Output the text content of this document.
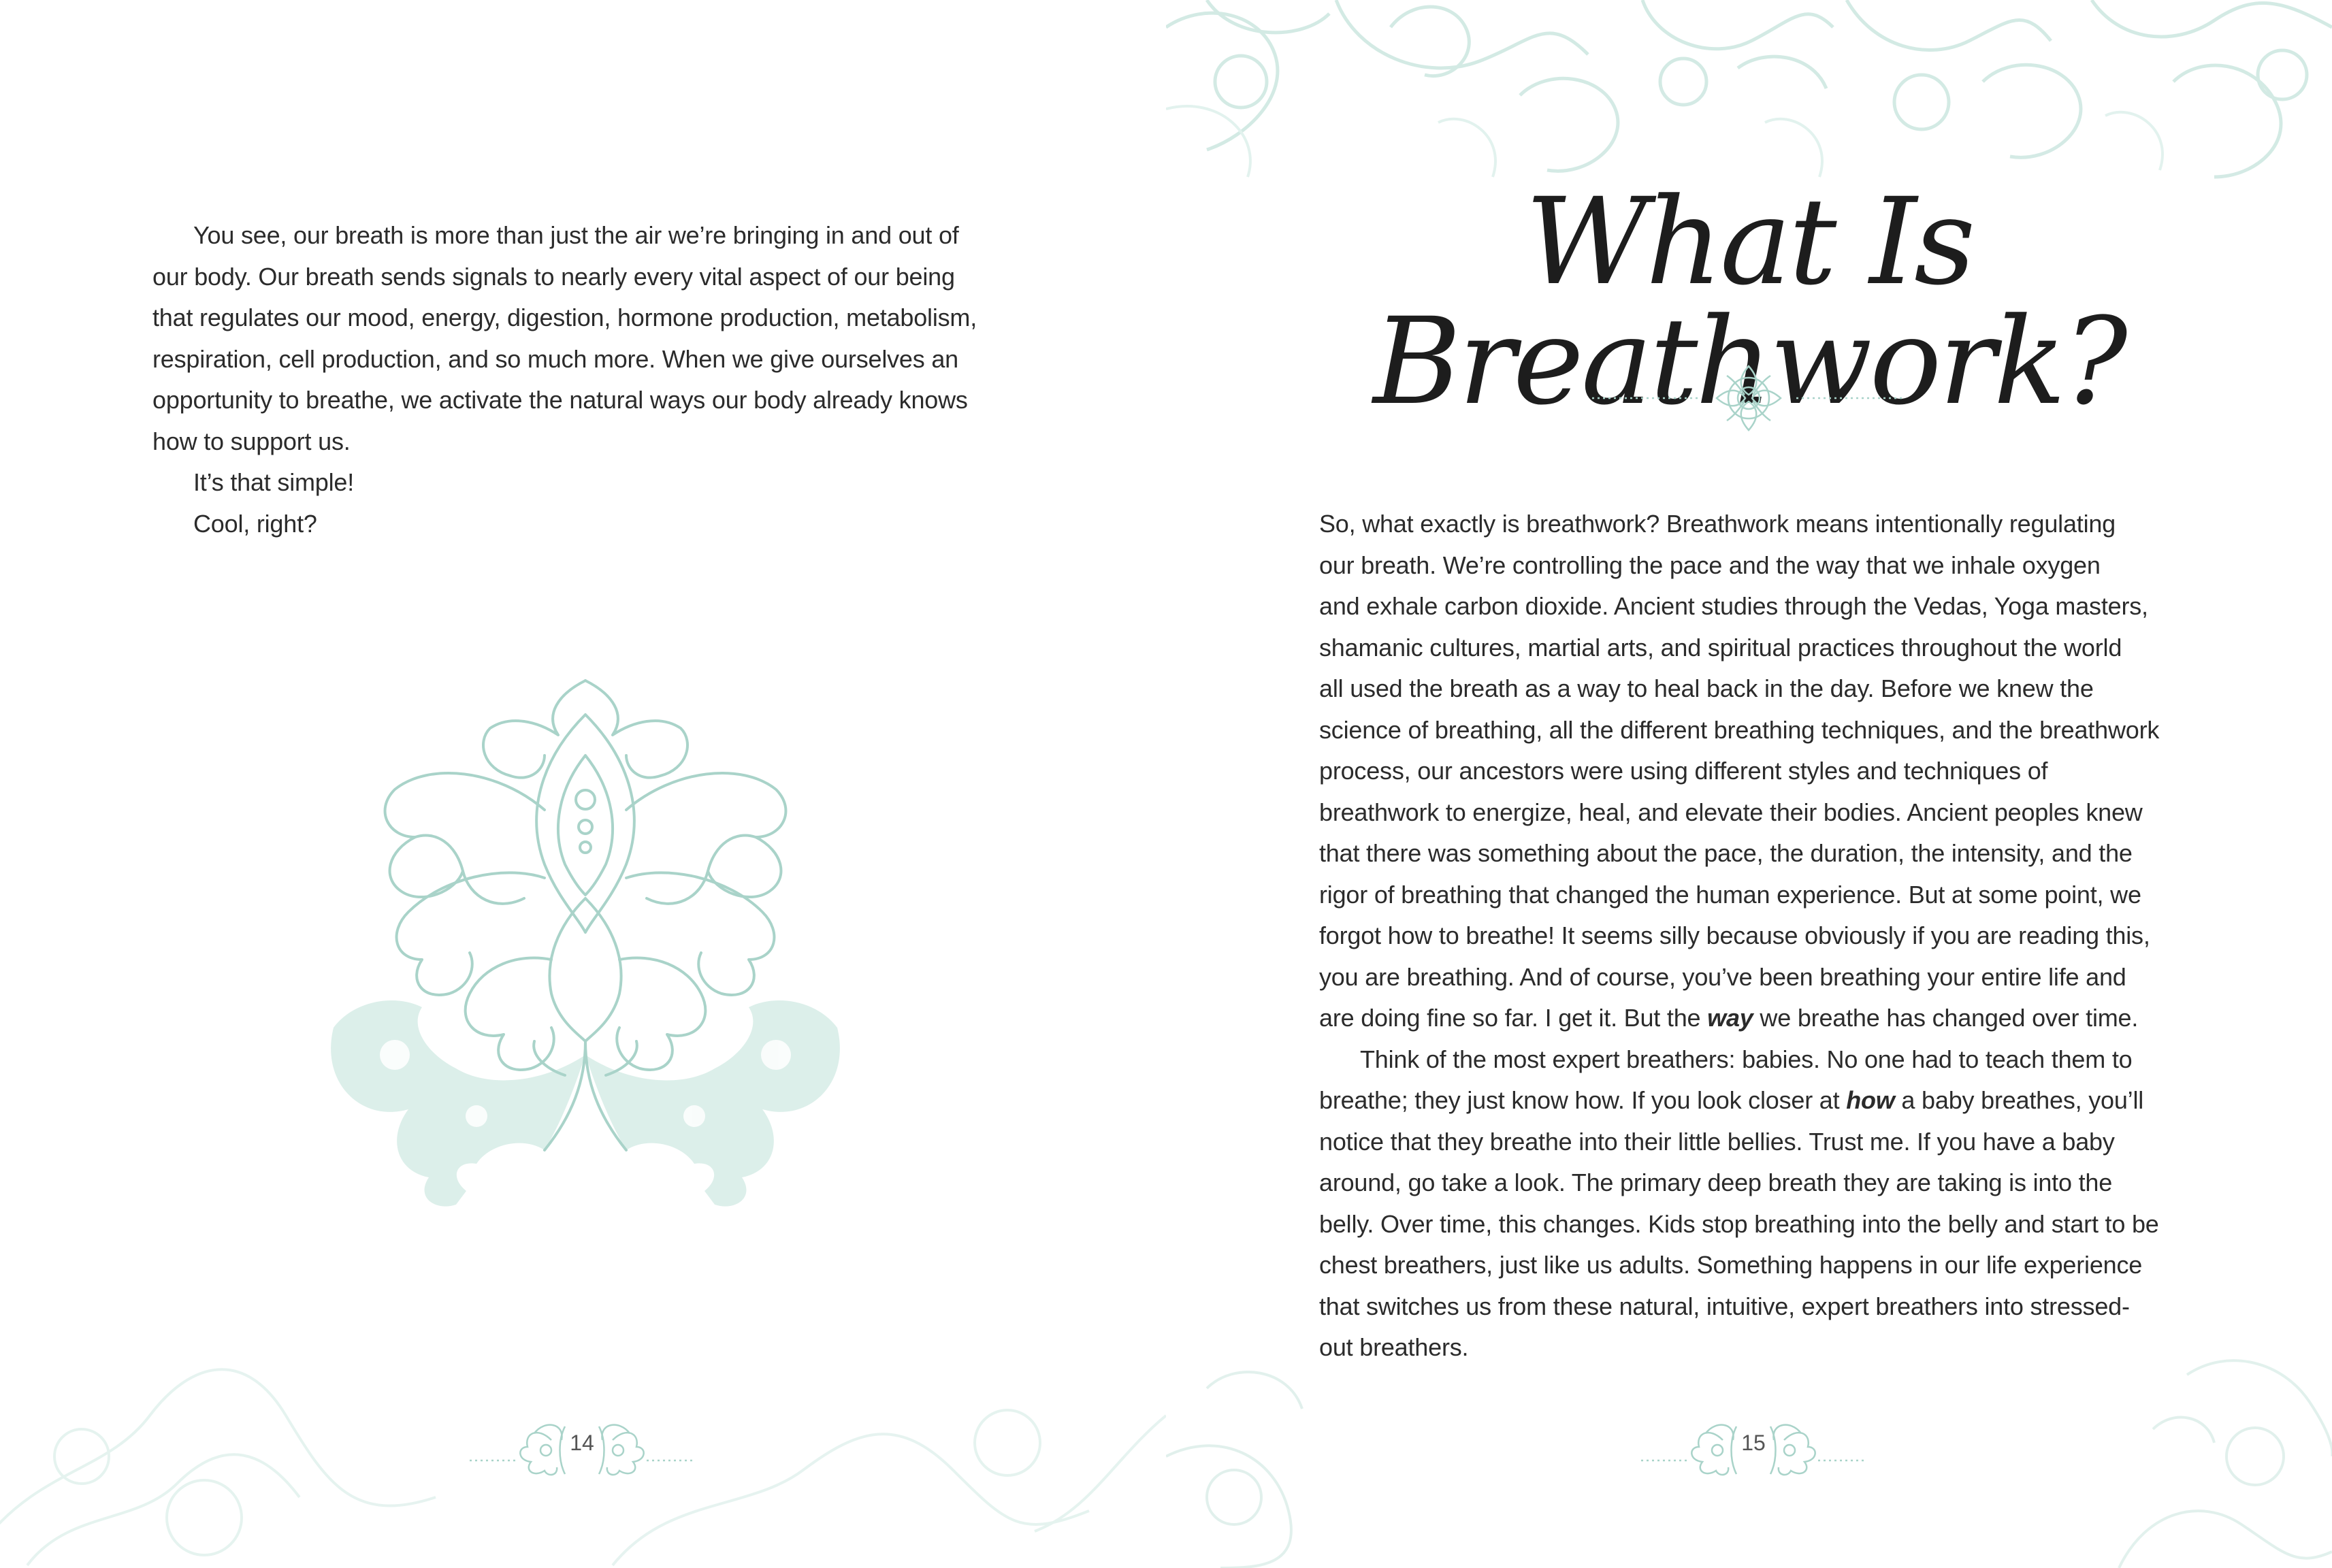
You see, our breath is more than just the air we’re bringing in and out of

our body. Our breath sends signals to nearly every vital aspect of our being

that regulates our mood, energy, digestion, hormone production, metabolism,

respiration, cell production, and so much more. When we give ourselves an

opportunity to breathe, we activate the natural ways our body already knows

how to support us.

It’s that simple!

Cool, right?

14
What Is Breathwork?

So, what exactly is breathwork? Breathwork means intentionally regulating

our breath. We’re controlling the pace and the way that we inhale oxygen

and exhale carbon dioxide. Ancient studies through the Vedas, Yoga masters,

shamanic cultures, martial arts, and spiritual practices throughout the world

all used the breath as a way to heal back in the day. Before we knew the

science of breathing, all the different breathing techniques, and the breathwork

process, our ancestors were using different styles and techniques of

breathwork to energize, heal, and elevate their bodies. Ancient peoples knew

that there was something about the pace, the duration, the intensity, and the

rigor of breathing that changed the human experience. But at some point, we

forgot how to breathe! It seems silly because obviously if you are reading this,

you are breathing. And of course, you’ve been breathing your entire life and

are doing fine so far. I get it. But the way we breathe has changed over time.

Think of the most expert breathers: babies. No one had to teach them to

breathe; they just know how. If you look closer at how a baby breathes, you’ll

notice that they breathe into their little bellies. Trust me. If you have a baby

around, go take a look. The primary deep breath they are taking is into the

belly. Over time, this changes. Kids stop breathing into the belly and start to be

chest breathers, just like us adults. Something happens in our life experience

that switches us from these natural, intuitive, expert breathers into stressed-

out breathers.

15
